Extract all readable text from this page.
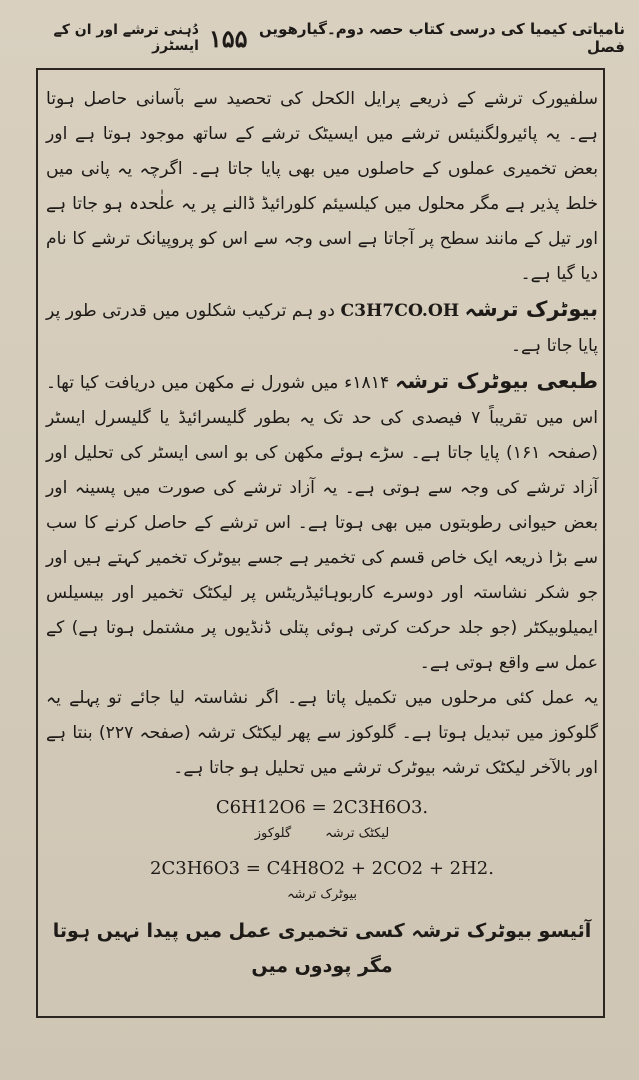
نامیاتی کیمیا کی درسی کتاب حصہ دوم۔گیارھویں فصل
۱۵۵
دُہنی ترشے اور ان کے ایسٹرز

سلفیورک ترشے کے ذریعے پرایل الکحل کی تحصید سے بآسانی حاصل ہوتا ہے۔ یہ پائیرولگنیئس ترشے میں ایسیٹک ترشے کے ساتھ موجود ہوتا ہے اور بعض تخمیری عملوں کے حاصلوں میں بھی پایا جاتا ہے۔ اگرچہ یہ پانی میں خلط پذیر ہے مگر محلول میں کیلسیئم کلورائیڈ ڈالنے پر یہ علٰحدہ ہو جاتا ہے اور تیل کے مانند سطح پر آجاتا ہے اسی وجہ سے اس کو پروپیانک ترشے کا نام دیا گیا ہے۔

بیوٹرک ترشہ C3H7CO.OH دو ہم ترکیب شکلوں میں قدرتی طور پر پایا جاتا ہے۔

طبعی بیوٹرک ترشہ ۱۸۱۴ء میں شورل نے مکھن میں دریافت کیا تھا۔ اس میں تقریباً ۷ فیصدی کی حد تک یہ بطور گلیسرائیڈ یا گلیسرل ایسٹر (صفحہ ۱۶۱) پایا جاتا ہے۔ سڑے ہوئے مکھن کی بو اسی ایسٹر کی تحلیل اور آزاد ترشے کی وجہ سے ہوتی ہے۔ یہ آزاد ترشے کی صورت میں پسینہ اور بعض حیوانی رطوبتوں میں بھی ہوتا ہے۔ اس ترشے کے حاصل کرنے کا سب سے بڑا ذریعہ ایک خاص قسم کی تخمیر ہے جسے بیوٹرک تخمیر کہتے ہیں اور جو شکر نشاستہ اور دوسرے کاربوہائیڈریٹس پر لیکٹک تخمیر اور بیسیلس ایمیلوبیکٹر (جو جلد حرکت کرتی ہوئی پتلی ڈنڈیوں پر مشتمل ہوتا ہے) کے عمل سے واقع ہوتی ہے۔

یہ عمل کئی مرحلوں میں تکمیل پاتا ہے۔ اگر نشاستہ لیا جائے تو پہلے یہ گلوکوز میں تبدیل ہوتا ہے۔ گلوکوز سے پھر لیکٹک ترشہ (صفحہ ۲۲۷) بنتا ہے اور بالآخر لیکٹک ترشہ بیوٹرک ترشے میں تحلیل ہو جاتا ہے۔

C6H12O6 = 2C3H6O3.
لیکٹک ترشہ
گلوکوز
2C3H6O3 = C4H8O2 + 2CO2 + 2H2.
بیوٹرک ترشہ

آئیسو بیوٹرک ترشہ کسی تخمیری عمل میں پیدا نہیں ہوتا مگر پودوں میں
